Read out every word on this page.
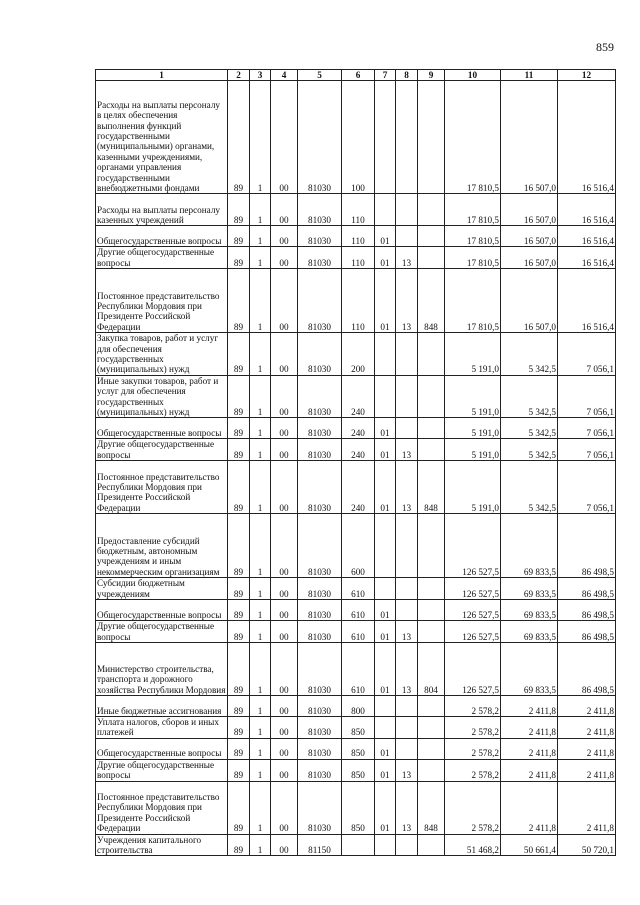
859
1	2	3	4	5	6	7	8	9	10	11	12
Расходы на выплаты персоналу в целях обеспечения выполнения функций государственными (муниципальными) органами, казенными учреждениями, органами управления государственными внебюджетными фондами	89	1	00	81030	100				17 810,5	16 507,0	16 516,4
Расходы на выплаты персоналу казенных учреждений	89	1	00	81030	110				17 810,5	16 507,0	16 516,4
Общегосударственные вопросы	89	1	00	81030	110	01			17 810,5	16 507,0	16 516,4
Другие общегосударственные вопросы	89	1	00	81030	110	01	13		17 810,5	16 507,0	16 516,4
Постоянное представительство Республики Мордовия при Президенте Российской Федерации	89	1	00	81030	110	01	13	848	17 810,5	16 507,0	16 516,4
Закупка товаров, работ и услуг для обеспечения государственных (муниципальных) нужд	89	1	00	81030	200				5 191,0	5 342,5	7 056,1
Иные закупки товаров, работ и услуг для обеспечения государственных (муниципальных) нужд	89	1	00	81030	240				5 191,0	5 342,5	7 056,1
Общегосударственные вопросы	89	1	00	81030	240	01			5 191,0	5 342,5	7 056,1
Другие общегосударственные вопросы	89	1	00	81030	240	01	13		5 191,0	5 342,5	7 056,1
Постоянное представительство Республики Мордовия при Президенте Российской Федерации	89	1	00	81030	240	01	13	848	5 191,0	5 342,5	7 056,1
Предоставление субсидий бюджетным, автономным учреждениям и иным некоммерческим организациям	89	1	00	81030	600				126 527,5	69 833,5	86 498,5
Субсидии бюджетным учреждениям	89	1	00	81030	610				126 527,5	69 833,5	86 498,5
Общегосударственные вопросы	89	1	00	81030	610	01			126 527,5	69 833,5	86 498,5
Другие общегосударственные вопросы	89	1	00	81030	610	01	13		126 527,5	69 833,5	86 498,5
Министерство строительства, транспорта и дорожного хозяйства Республики Мордовия	89	1	00	81030	610	01	13	804	126 527,5	69 833,5	86 498,5
Иные бюджетные ассигнования	89	1	00	81030	800				2 578,2	2 411,8	2 411,8
Уплата налогов, сборов и иных платежей	89	1	00	81030	850				2 578,2	2 411,8	2 411,8
Общегосударственные вопросы	89	1	00	81030	850	01			2 578,2	2 411,8	2 411,8
Другие общегосударственные вопросы	89	1	00	81030	850	01	13		2 578,2	2 411,8	2 411,8
Постоянное представительство Республики Мордовия при Президенте Российской Федерации	89	1	00	81030	850	01	13	848	2 578,2	2 411,8	2 411,8
Учреждения капитального строительства	89	1	00	81150					51 468,2	50 661,4	50 720,1
